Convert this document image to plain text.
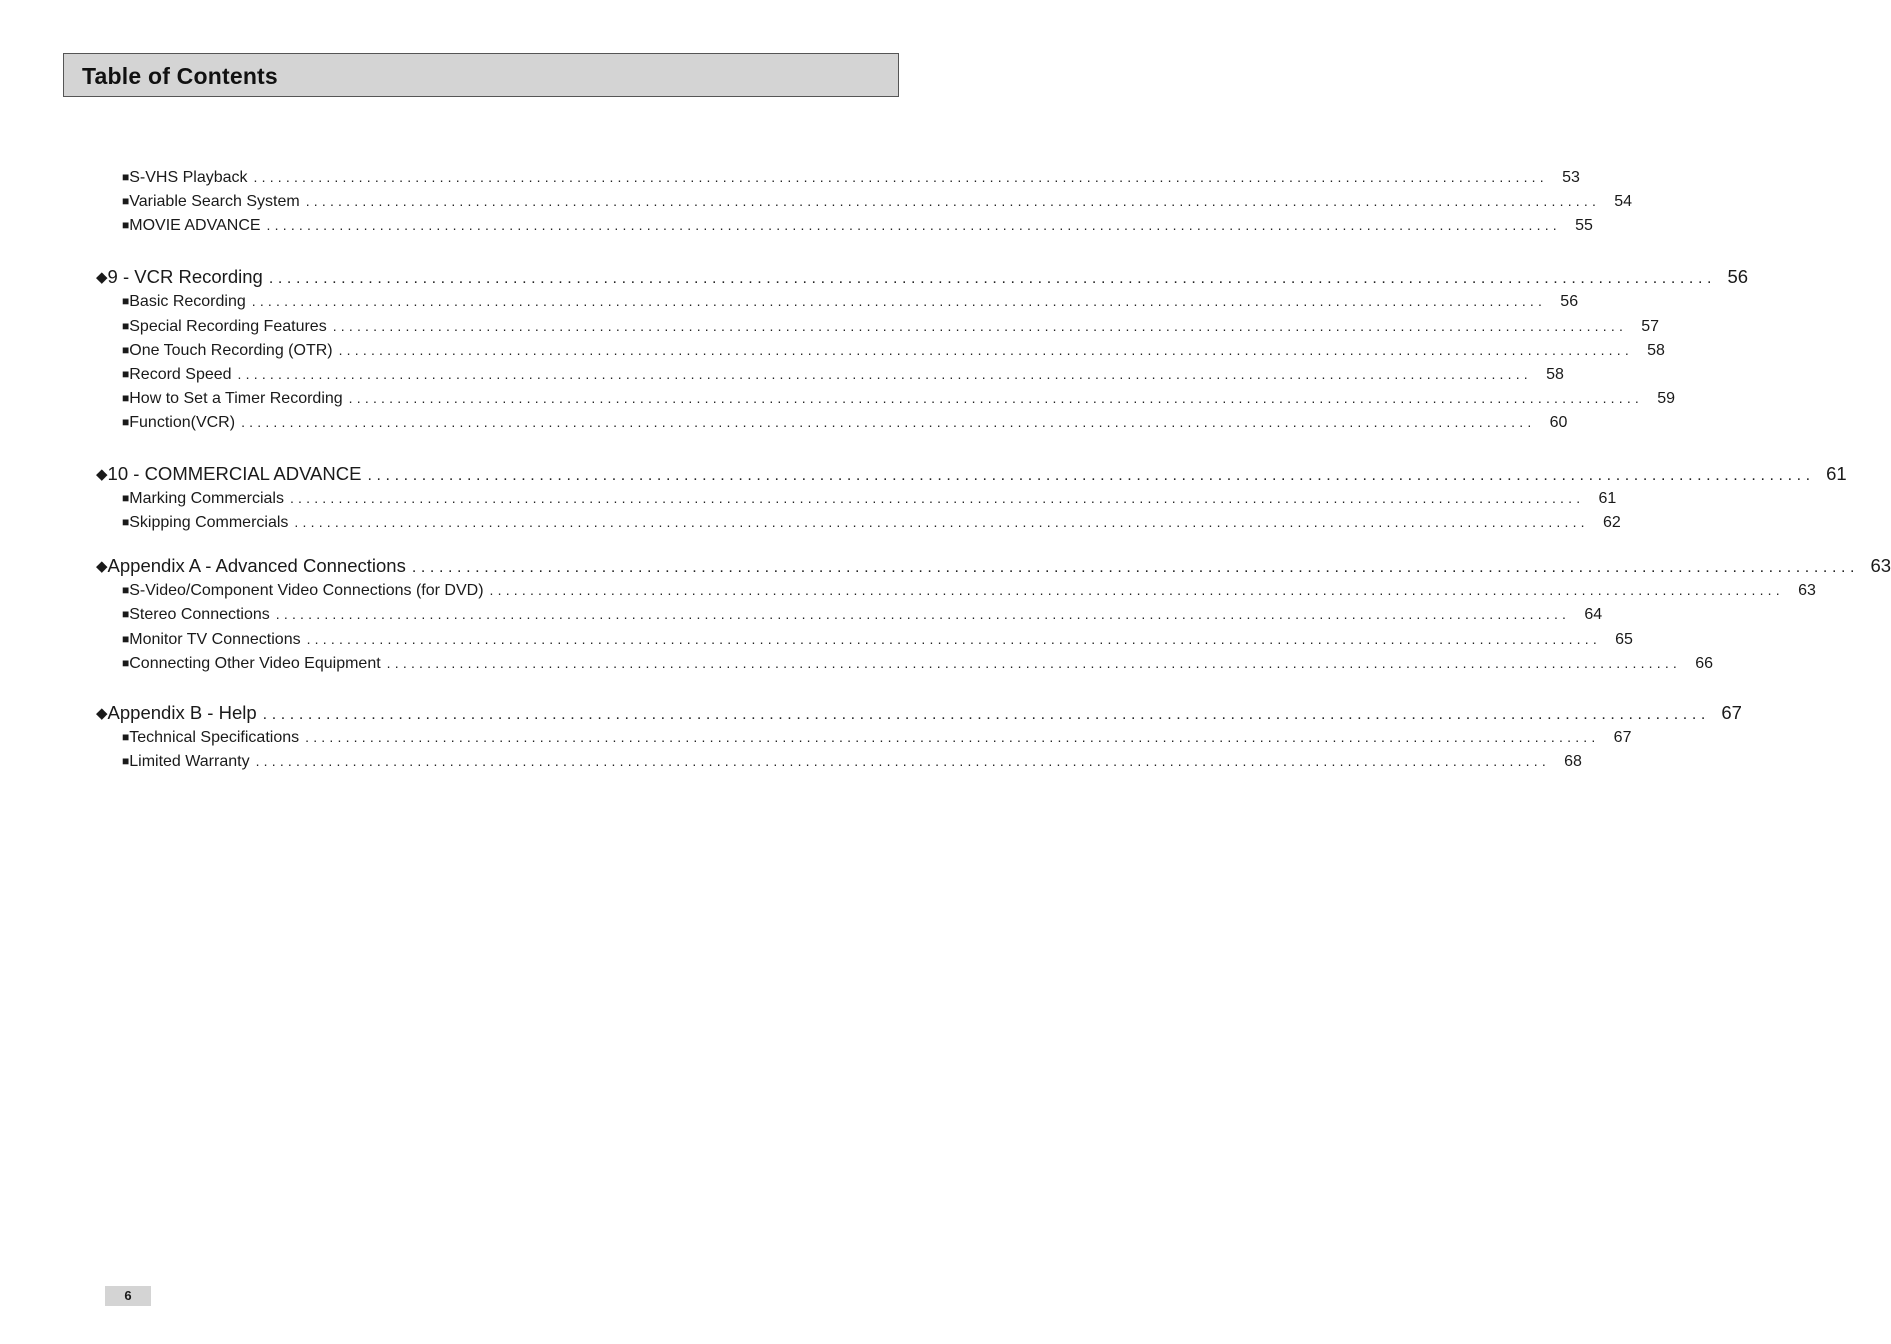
Table of Contents
■ S-VHS Playback ................................................................................................................................................................ 53
■ Variable Search System ................................................................................................................................................................ 54
■ MOVIE ADVANCE ................................................................................................................................................................ 55
◆ 9 - VCR Recording ................................................................................................................................................................ 56
■ Basic Recording ................................................................................................................................................................ 56
■ Special Recording Features ................................................................................................................................................................ 57
■ One Touch Recording (OTR) ................................................................................................................................................................ 58
■ Record Speed ................................................................................................................................................................ 58
■ How to Set a Timer Recording ................................................................................................................................................................ 59
■ Function(VCR) ................................................................................................................................................................ 60
◆ 10 - COMMERCIAL ADVANCE ................................................................................................................................................................ 61
■ Marking Commercials ................................................................................................................................................................ 61
■ Skipping Commercials ................................................................................................................................................................ 62
◆ Appendix A - Advanced Connections ................................................................................................................................................................ 63
■ S-Video/Component Video Connections (for DVD) ................................................................................................................................................................ 63
■ Stereo Connections ................................................................................................................................................................ 64
■ Monitor TV Connections ................................................................................................................................................................ 65
■ Connecting Other Video Equipment ................................................................................................................................................................ 66
◆ Appendix B - Help ................................................................................................................................................................ 67
■ Technical Specifications ................................................................................................................................................................ 67
■ Limited Warranty ................................................................................................................................................................ 68
6
